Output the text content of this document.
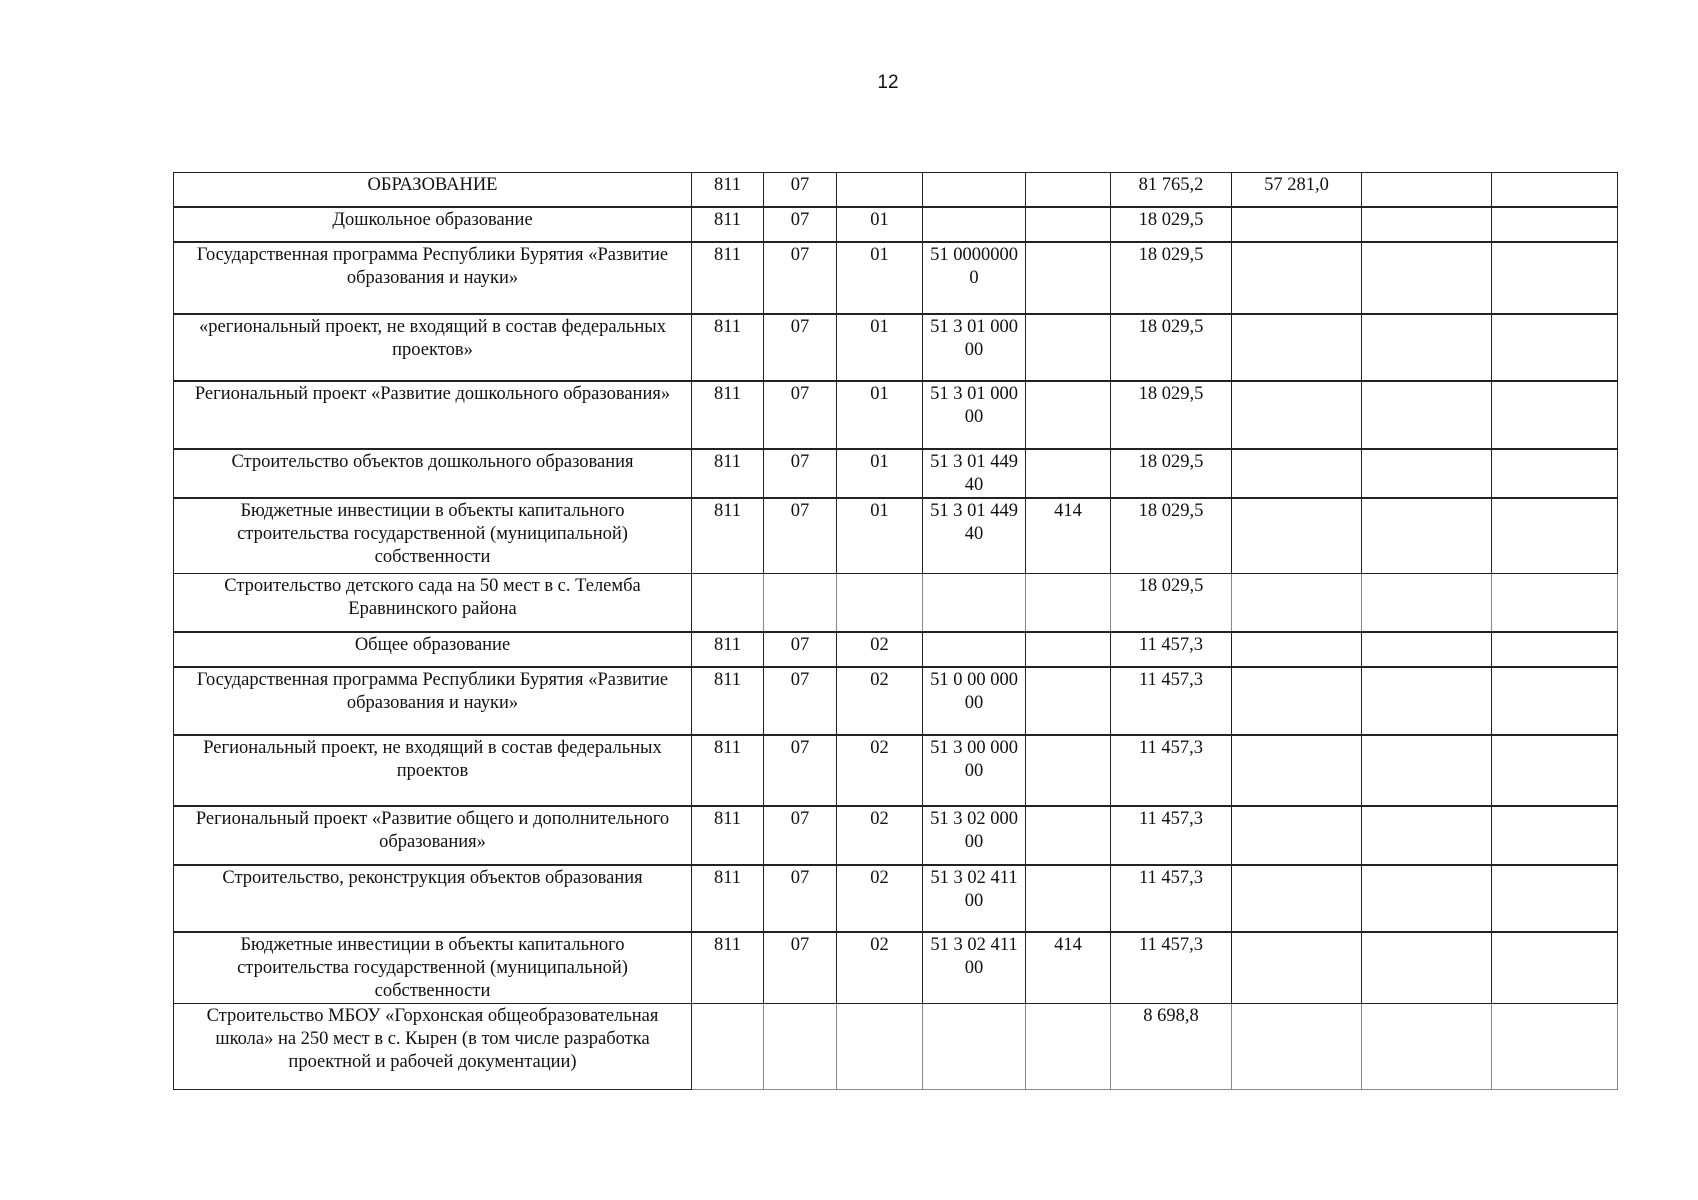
12
ОБРАЗОВАНИЕ	811	07				81 765,2	57 281,0		
Дошкольное образование	811	07	01			18 029,5			
Государственная программа Республики Бурятия «Развитие образования и науки»	811	07	01	51 0000000 0		18 029,5			
«региональный проект, не входящий в состав федеральных проектов»	811	07	01	51 3 01 00000		18 029,5			
Региональный проект «Развитие дошкольного образования»	811	07	01	51 3 01 00000		18 029,5			
Строительство объектов дошкольного образования	811	07	01	51 3 01 44940		18 029,5			
Бюджетные инвестиции в объекты капитального строительства государственной (муниципальной) собственности	811	07	01	51 3 01 44940	414	18 029,5			
Строительство детского сада на 50 мест в с. Телемба Еравнинского района						18 029,5			
Общее образование	811	07	02			11 457,3			
Государственная программа Республики Бурятия «Развитие образования и науки»	811	07	02	51 0 00 00000		11 457,3			
Региональный проект, не входящий в состав федеральных проектов	811	07	02	51 3 00 00000		11 457,3			
Региональный проект «Развитие общего и дополнительного образования»	811	07	02	51 3 02 00000		11 457,3			
Строительство, реконструкция объектов образования	811	07	02	51 3 02 41100		11 457,3			
Бюджетные инвестиции в объекты капитального строительства государственной (муниципальной) собственности	811	07	02	51 3 02 41100	414	11 457,3			
Строительство МБОУ «Горхонская общеобразовательная школа» на 250 мест в с. Кырен (в том числе разработка проектной и рабочей документации)						8 698,8			
